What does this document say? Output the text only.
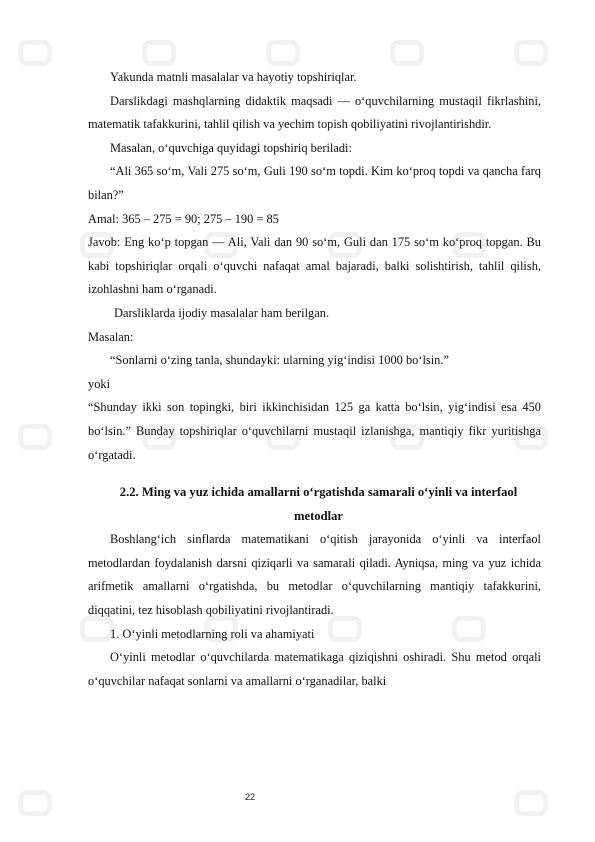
Yakunda matnli masalalar va hayotiy topshiriqlar.

Darslikdagi mashqlarning didaktik maqsadi — o‘quvchilarning mustaqil fikrlashini, matematik tafakkurini, tahlil qilish va yechim topish qobiliyatini rivojlantirishdir.

Masalan, o‘quvchiga quyidagi topshiriq beriladi:

“Ali 365 so‘m, Vali 275 so‘m, Guli 190 so‘m topdi. Kim ko‘proq topdi va qancha farq bilan?”

Amal: 365 – 275 = 90; 275 – 190 = 85

Javob: Eng ko‘p topgan — Ali, Vali dan 90 so‘m, Guli dan 175 so‘m ko‘proq topgan. Bu kabi topshiriqlar orqali o‘quvchi nafaqat amal bajaradi, balki solishtirish, tahlil qilish, izohlashni ham o‘rganadi.

Darsliklarda ijodiy masalalar ham berilgan.

Masalan:

“Sonlarni o‘zing tanla, shundayki: ularning yig‘indisi 1000 bo‘lsin.”

yoki

“Shunday ikki son topingki, biri ikkinchisidan 125 ga katta bo‘lsin, yig‘indisi esa 450 bo‘lsin.” Bunday topshiriqlar o‘quvchilarni mustaqil izlanishga, mantiqiy fikr yuritishga o‘rgatadi.

2.2. Ming va yuz ichida amallarni o‘rgatishda samarali o‘yinli va interfaol metodlar

Boshlang‘ich sinflarda matematikani o‘qitish jarayonida o‘yinli va interfaol metodlardan foydalanish darsni qiziqarli va samarali qiladi. Ayniqsa, ming va yuz ichida arifmetik amallarni o‘rgatishda, bu metodlar o‘quvchilarning mantiqiy tafakkurini, diqqatini, tez hisoblash qobiliyatini rivojlantiradi.

1. O‘yinli metodlarning roli va ahamiyati

O‘yinli metodlar o‘quvchilarda matematikaga qiziqishni oshiradi. Shu metod orqali o‘quvchilar nafaqat sonlarni va amallarni o‘rganadilar, balki

22
